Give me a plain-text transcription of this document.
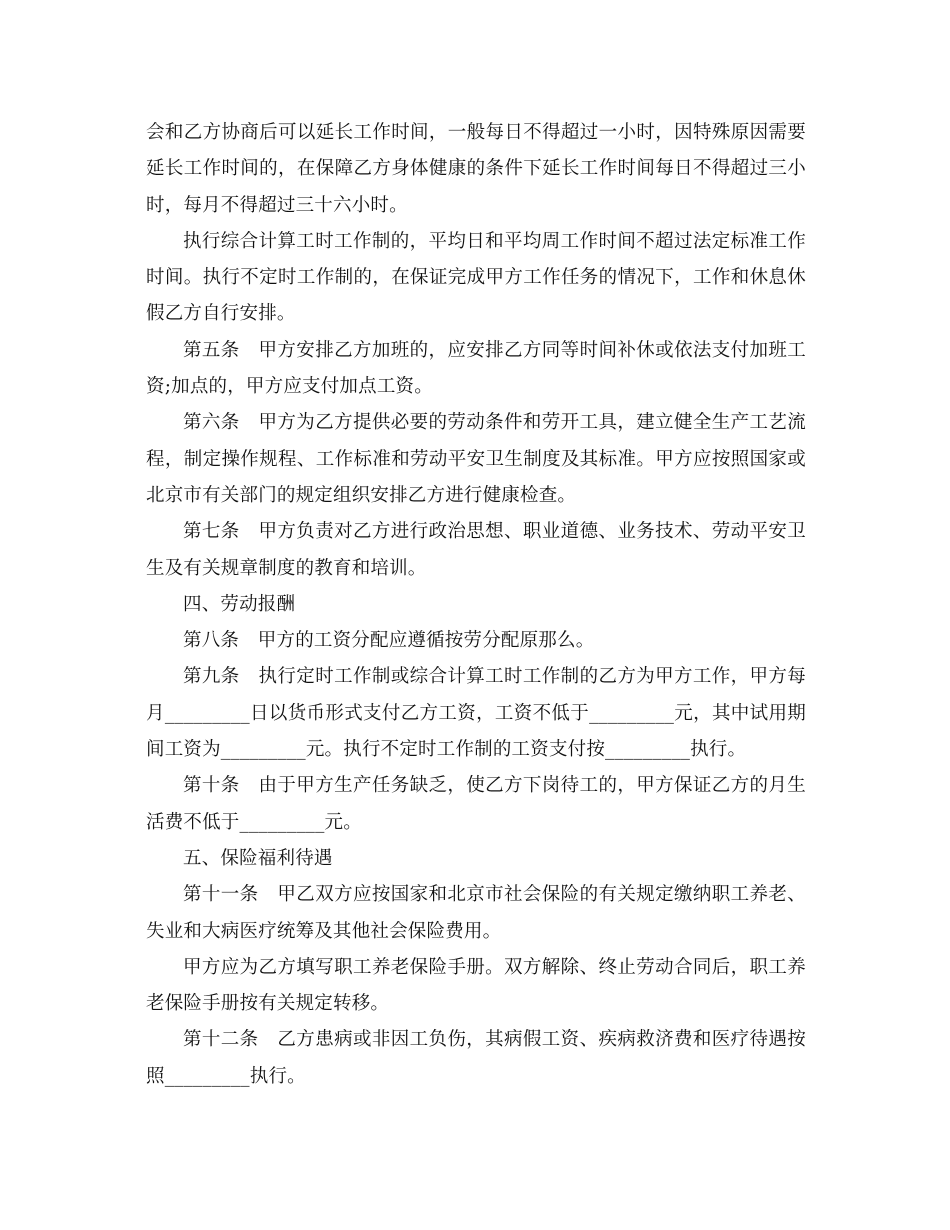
会和乙方协商后可以延长工作时间，一般每日不得超过一小时，因特殊原因需要延长工作时间的，在保障乙方身体健康的条件下延长工作时间每日不得超过三小时，每月不得超过三十六小时。

执行综合计算工时工作制的，平均日和平均周工作时间不超过法定标准工作时间。执行不定时工作制的，在保证完成甲方工作任务的情况下，工作和休息休假乙方自行安排。

第五条　甲方安排乙方加班的，应安排乙方同等时间补休或依法支付加班工资;加点的，甲方应支付加点工资。

第六条　甲方为乙方提供必要的劳动条件和劳开工具，建立健全生产工艺流程，制定操作规程、工作标准和劳动平安卫生制度及其标准。甲方应按照国家或北京市有关部门的规定组织安排乙方进行健康检查。

第七条　甲方负责对乙方进行政治思想、职业道德、业务技术、劳动平安卫生及有关规章制度的教育和培训。

四、劳动报酬

第八条　甲方的工资分配应遵循按劳分配原那么。

第九条　执行定时工作制或综合计算工时工作制的乙方为甲方工作，甲方每月_________日以货币形式支付乙方工资，工资不低于_________元，其中试用期间工资为_________元。执行不定时工作制的工资支付按_________执行。

第十条　由于甲方生产任务缺乏，使乙方下岗待工的，甲方保证乙方的月生活费不低于_________元。

五、保险福利待遇

第十一条　甲乙双方应按国家和北京市社会保险的有关规定缴纳职工养老、失业和大病医疗统筹及其他社会保险费用。

甲方应为乙方填写职工养老保险手册。双方解除、终止劳动合同后，职工养老保险手册按有关规定转移。

第十二条　乙方患病或非因工负伤，其病假工资、疾病救济费和医疗待遇按照_________执行。
